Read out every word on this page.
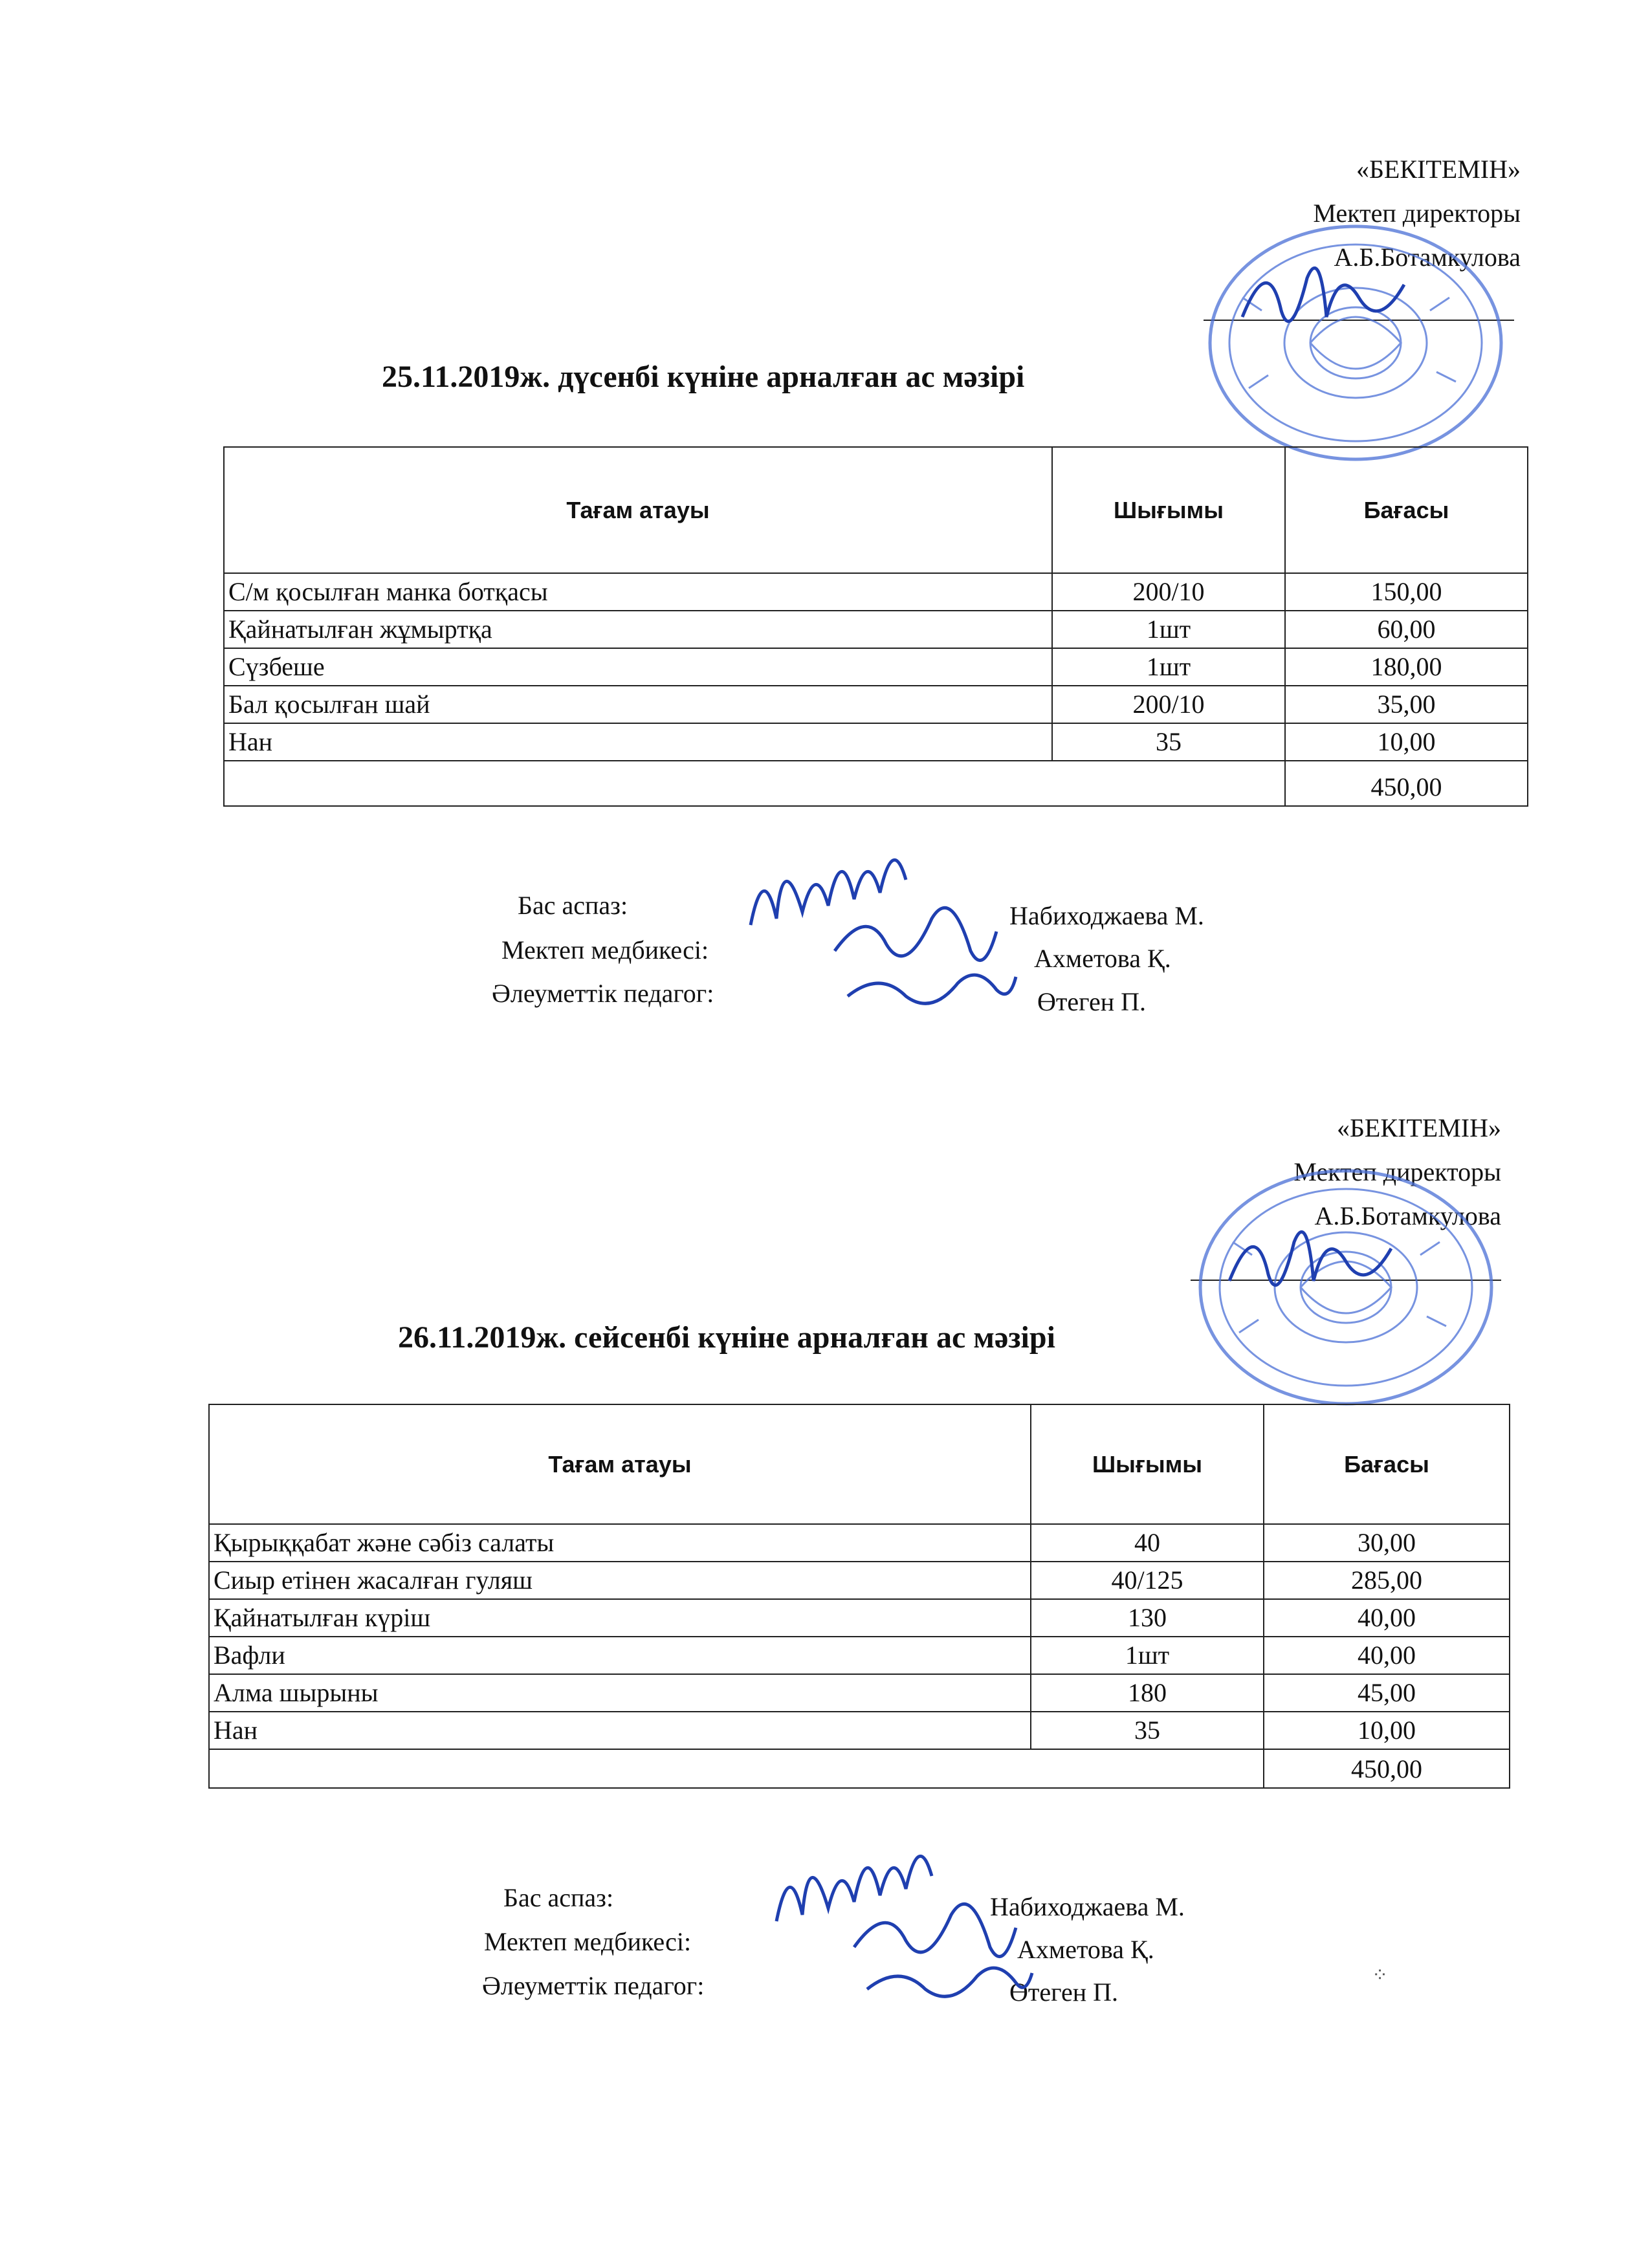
«БЕКІТЕМІН»
Мектеп директоры
А.Б.Ботамкулова
25.11.2019ж. дүсенбі күніне арналған ас мәзірі
Тағам атауы	Шығымы	Бағасы
С/м қосылған манка ботқасы	200/10	150,00
Қайнатылған жұмыртқа	1шт	60,00
Сүзбеше	1шт	180,00
Бал қосылған шай	200/10	35,00
Нан	35	10,00
		450,00
Бас аспаз:
Мектеп медбикесі:
Әлеуметтік педагог:
Набиходжаева М.
Ахметова Қ.
Өтеген П.
«БЕКІТЕМІН»
Мектеп директоры
А.Б.Ботамкулова
26.11.2019ж. сейсенбі күніне арналған ас мәзірі
Тағам атауы	Шығымы	Бағасы
Қырыққабат және сәбіз салаты	40	30,00
Сиыр етінен жасалған гуляш	40/125	285,00
Қайнатылған күріш	130	40,00
Вафли	1шт	40,00
Алма шырыны	180	45,00
Нан	35	10,00
		450,00
Бас аспаз:
Мектеп медбикесі:
Әлеуметтік педагог:
Набиходжаева М.
Ахметова Қ.
Өтеген П.
⁘
